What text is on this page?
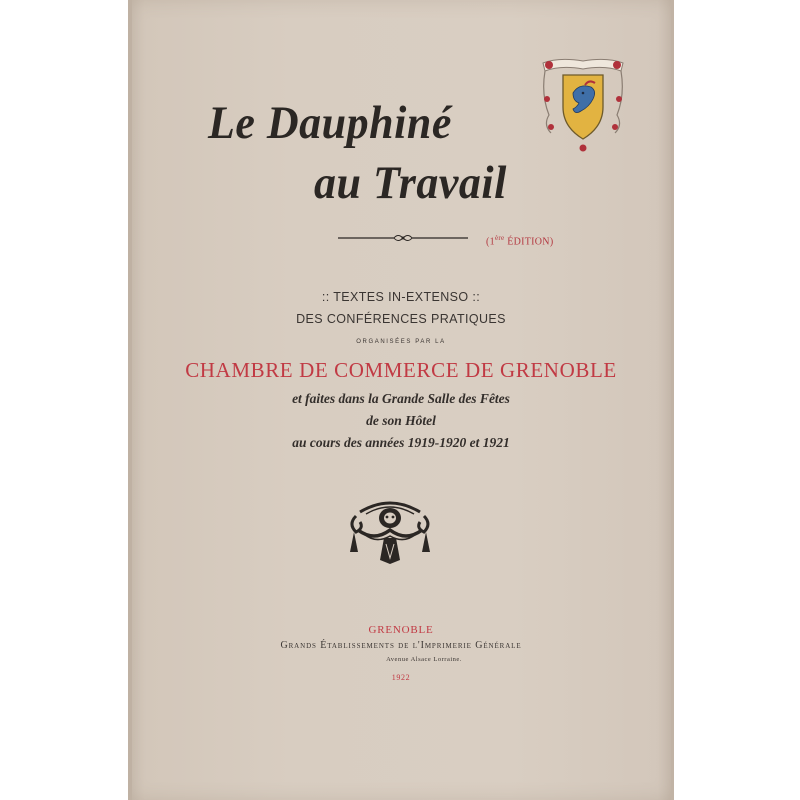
Le Dauphiné
au Travail
(1ère ÉDITION)
:: TEXTES IN-EXTENSO ::
DES CONFÉRENCES PRATIQUES
ORGANISÉES PAR LA
CHAMBRE DE COMMERCE DE GRENOBLE
et faites dans la Grande Salle des Fêtes
de son Hôtel
au cours des années 1919-1920 et 1921
GRENOBLE
Grands Établissements de l'Imprimerie Générale
Avenue Alsace Lorraine.
1922
